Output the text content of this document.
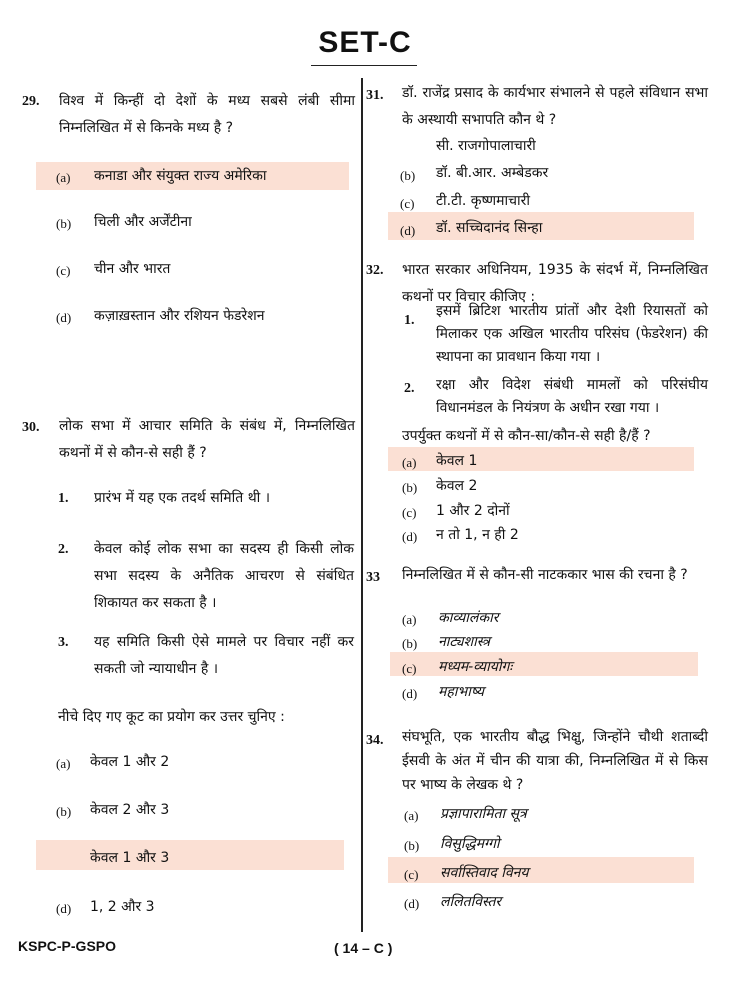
SET-C
29. विश्व में किन्हीं दो देशों के मध्य सबसे लंबी सीमा निम्नलिखित में से किनके मध्य है ?
(a) कनाडा और संयुक्त राज्य अमेरिका
(b) चिली और अर्जेंटीना
(c) चीन और भारत
(d) कज़ाख़स्तान और रशियन फेडरेशन
30. लोक सभा में आचार समिति के संबंध में, निम्नलिखित कथनों में से कौन-से सही हैं ?
1. प्रारंभ में यह एक तदर्थ समिति थी ।
2. केवल कोई लोक सभा का सदस्य ही किसी लोक सभा सदस्य के अनैतिक आचरण से संबंधित शिकायत कर सकता है ।
3. यह समिति किसी ऐसे मामले पर विचार नहीं कर सकती जो न्यायाधीन है ।
नीचे दिए गए कूट का प्रयोग कर उत्तर चुनिए :
(a) केवल 1 और 2
(b) केवल 2 और 3
केवल 1 और 3
(d) 1, 2 और 3
31. डॉ. राजेंद्र प्रसाद के कार्यभार संभालने से पहले संविधान सभा के अस्थायी सभापति कौन थे ?
सी. राजगोपालाचारी
(b) डॉ. बी.आर. अम्बेडकर
(c) टी.टी. कृष्णमाचारी
(d) डॉ. सच्चिदानंद सिन्हा
32. भारत सरकार अधिनियम, 1935 के संदर्भ में, निम्नलिखित कथनों पर विचार कीजिए :
1.
इसमें ब्रिटिश भारतीय प्रांतों और देशी रियासतों को मिलाकर एक अखिल भारतीय परिसंघ (फेडरेशन) की स्थापना का प्रावधान किया गया ।
2. रक्षा और विदेश संबंधी मामलों को परिसंघीय विधानमंडल के नियंत्रण के अधीन रखा गया ।
उपर्युक्त कथनों में से कौन-सा/कौन-से सही है/हैं ?
(a) केवल 1
(b) केवल 2
(c) 1 और 2 दोनों
(d) न तो 1, न ही 2
33 निम्नलिखित में से कौन-सी नाटककार भास की रचना है ?
(a) काव्यालंकार
(b) नाट्यशास्त्र
(c) मध्यम-व्यायोगः
(d) महाभाष्य
34. संघभूति, एक भारतीय बौद्ध भिक्षु, जिन्होंने चौथी शताब्दी ईसवी के अंत में चीन की यात्रा की, निम्नलिखित में से किस पर भाष्य के लेखक थे ?
(a) प्रज्ञापारामिता सूत्र
(b) विसुद्धिमग्गो
(c) सर्वास्तिवाद विनय
(d) ललितविस्तर
KSPC-P-GSPO	( 14 – C )
